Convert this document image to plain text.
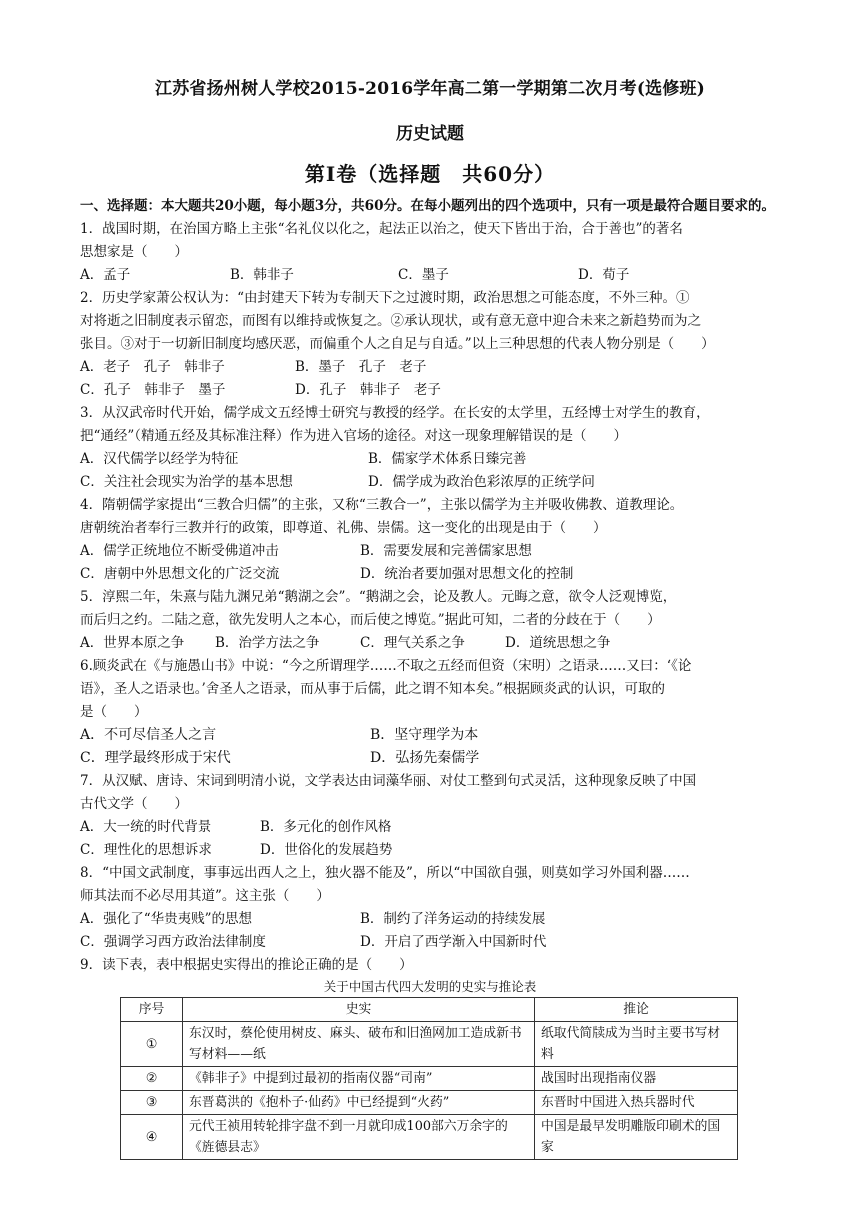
江苏省扬州树人学校2015-2016学年高二第一学期第二次月考(选修班)
历史试题
第Ⅰ卷（选择题　共60分）
一、选择题：本大题共20小题，每小题3分，共60分。在每小题列出的四个选项中，只有一项是最符合题目要求的。
1．战国时期，在治国方略上主张“名礼仪以化之，起法正以治之，使天下皆出于治，合于善也”的著名
思想家是（　　）
A．孟子	B．韩非子	C．墨子	D．荀子
2．历史学家萧公权认为：“由封建天下转为专制天下之过渡时期，政治思想之可能态度，不外三种。①
对将逝之旧制度表示留恋，而图有以维持或恢复之。②承认现状，或有意无意中迎合未来之新趋势而为之
张目。③对于一切新旧制度均感厌恶，而偏重个人之自足与自适。”以上三种思想的代表人物分别是（　　）
A．老子　孔子　韩非子	B．墨子　孔子　老子
C．孔子　韩非子　墨子	D．孔子　韩非子　老子
3．从汉武帝时代开始，儒学成文五经博士研究与教授的经学。在长安的太学里，五经博士对学生的教育，
把“通经”（精通五经及其标准注释）作为进入官场的途径。对这一现象理解错误的是（　　）
A．汉代儒学以经学为特征	B．儒家学术体系日臻完善
C．关注社会现实为治学的基本思想	D．儒学成为政治色彩浓厚的正统学问
4．隋朝儒学家提出“三教合归儒”的主张，又称“三教合一”，主张以儒学为主并吸收佛教、道教理论。
唐朝统治者奉行三教并行的政策，即尊道、礼佛、崇儒。这一变化的出现是由于（　　）
A．儒学正统地位不断受佛道冲击	B．需要发展和完善儒家思想
C．唐朝中外思想文化的广泛交流	D．统治者要加强对思想文化的控制
5．淳熙二年，朱熹与陆九渊兄弟“鹅湖之会”。“鹅湖之会，论及教人。元晦之意，欲令人泛观博览，
而后归之约。二陆之意，欲先发明人之本心，而后使之博览。”据此可知，二者的分歧在于（　　）
A．世界本原之争	B．治学方法之争	C．理气关系之争	D．道统思想之争
6.顾炎武在《与施愚山书》中说：“今之所谓理学……不取之五经而但资（宋明）之语录……又曰：‘《论
语》，圣人之语录也。’舍圣人之语录，而从事于后儒，此之谓不知本矣。”根据顾炎武的认识，可取的
是（　　）
A．不可尽信圣人之言	B．坚守理学为本
C．理学最终形成于宋代	D．弘扬先秦儒学
7．从汉赋、唐诗、宋词到明清小说，文学表达由词藻华丽、对仗工整到句式灵活，这种现象反映了中国
古代文学（　　）
A．大一统的时代背景	B．多元化的创作风格
C．理性化的思想诉求	D．世俗化的发展趋势
8．“中国文武制度，事事远出西人之上，独火器不能及”，所以“中国欲自强，则莫如学习外国利器……
师其法而不必尽用其道”。这主张（　　）
A．强化了“华贵夷贱”的思想	B．制约了洋务运动的持续发展
C．强调学习西方政治法律制度	D．开启了西学渐入中国新时代
9．读下表，表中根据史实得出的推论正确的是（　　）
关于中国古代四大发明的史实与推论表
序号	史实	推论
①	东汉时，蔡伦使用树皮、麻头、破布和旧渔网加工造成新书写材料——纸	纸取代简牍成为当时主要书写材料
②	《韩非子》中提到过最初的指南仪器“司南”	战国时出现指南仪器
③	东晋葛洪的《抱朴子·仙药》中已经提到“火药”	东晋时中国进入热兵器时代
④	元代王祯用转轮排字盘不到一月就印成100部六万余字的《旌德县志》	中国是最早发明雕版印刷术的国家
